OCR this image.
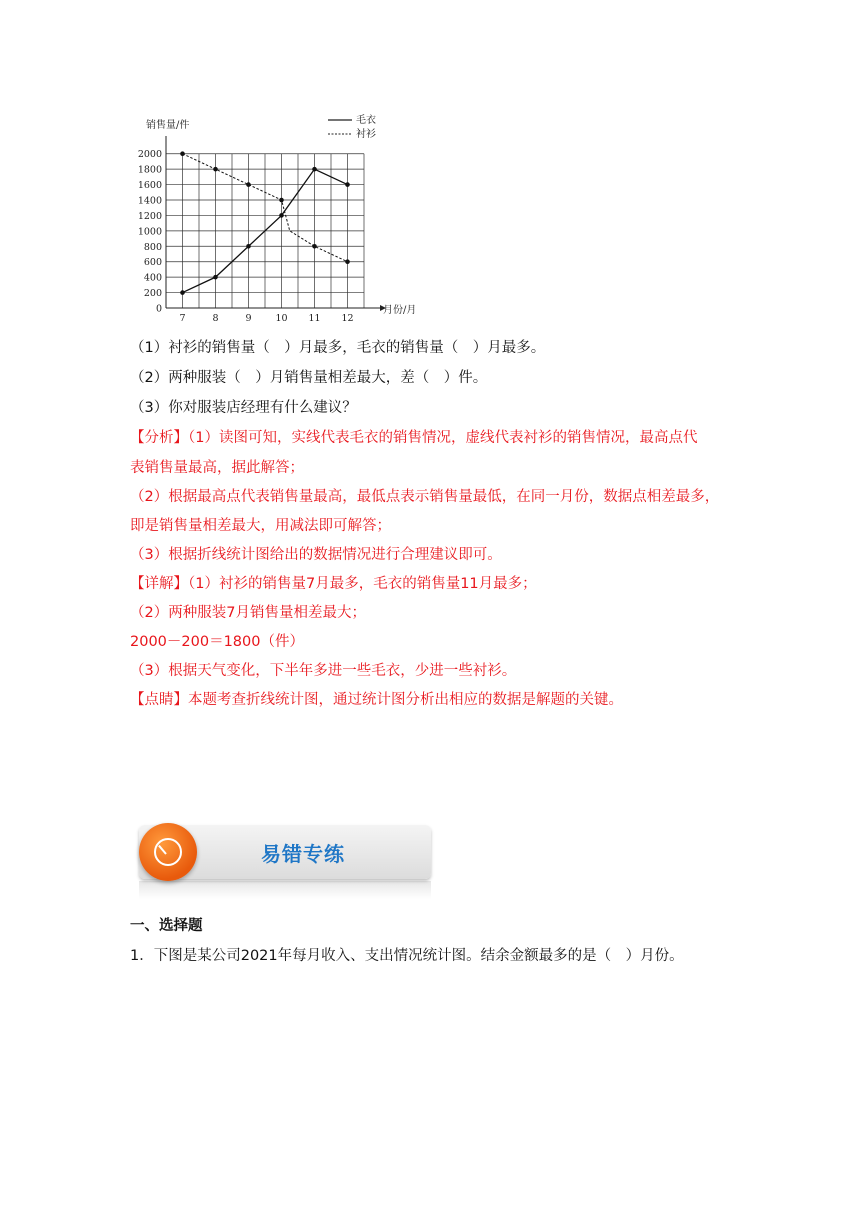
0
200
400
600
800
1000
1200
1400
1600
1800
2000
7	8	9	10 11 12
销售量/件
月份/月
毛衣
衬衫
（1）衬衫的销售量（　）月最多，毛衣的销售量（　）月最多。
（2）两种服装（　）月销售量相差最大，差（　）件。
（3）你对服装店经理有什么建议？
【分析】（1）读图可知，实线代表毛衣的销售情况，虚线代表衬衫的销售情况，最高点代
表销售量最高，据此解答；
（2）根据最高点代表销售量最高，最低点表示销售量最低，在同一月份，数据点相差最多，
即是销售量相差最大，用减法即可解答；
（3）根据折线统计图给出的数据情况进行合理建议即可。
【详解】（1）衬衫的销售量7月最多，毛衣的销售量11月最多；
（2）两种服装7月销售量相差最大；
2000－200＝1800（件）
（3）根据天气变化，下半年多进一些毛衣，少进一些衬衫。
【点睛】本题考查折线统计图，通过统计图分析出相应的数据是解题的关键。
易错专练
一、选择题
1．下图是某公司2021年每月收入、支出情况统计图。结余金额最多的是（　）月份。
